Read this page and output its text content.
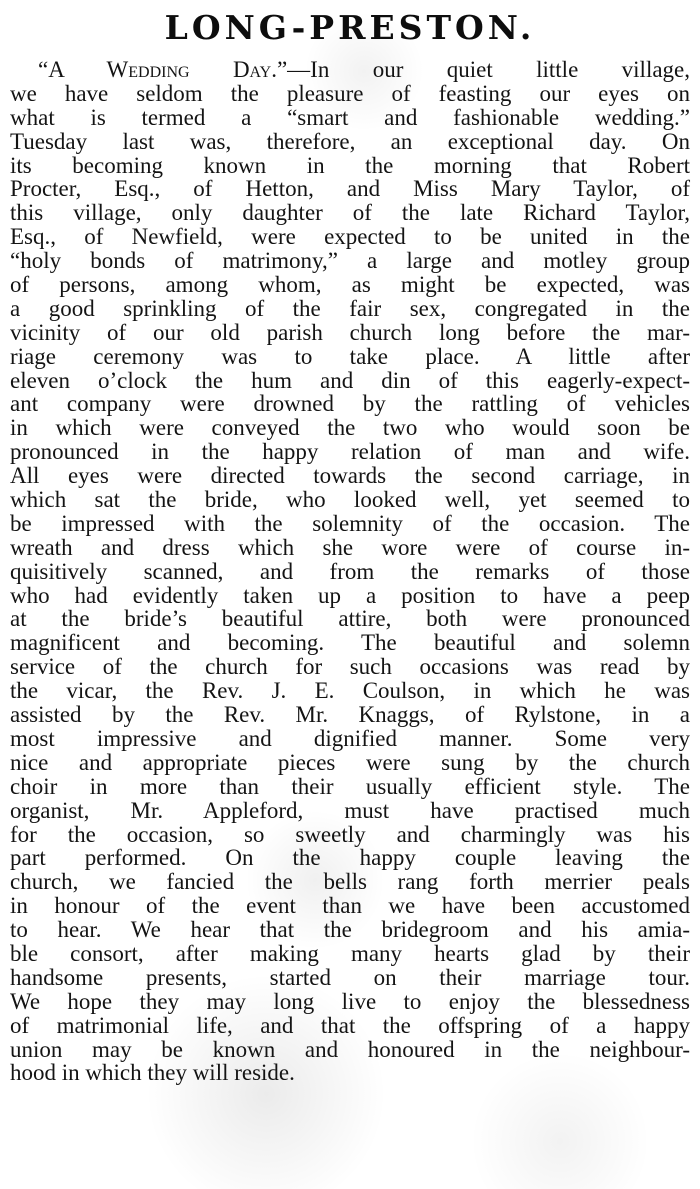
LONG-PRESTON.
“A Wedding Day.”—In our quiet little village,
we have seldom the pleasure of feasting our eyes on
what is termed a “smart and fashionable wedding.”
Tuesday last was, therefore, an exceptional day. On
its becoming known in the morning that Robert
Procter, Esq., of Hetton, and Miss Mary Taylor, of
this village, only daughter of the late Richard Taylor,
Esq., of Newfield, were expected to be united in the
“holy bonds of matrimony,” a large and motley group
of persons, among whom, as might be expected, was
a good sprinkling of the fair sex, congregated in the
vicinity of our old parish church long before the mar-
riage ceremony was to take place. A little after
eleven o’clock the hum and din of this eagerly-expect-
ant company were drowned by the rattling of vehicles
in which were conveyed the two who would soon be
pronounced in the happy relation of man and wife.
All eyes were directed towards the second carriage, in
which sat the bride, who looked well, yet seemed to
be impressed with the solemnity of the occasion. The
wreath and dress which she wore were of course in-
quisitively scanned, and from the remarks of those
who had evidently taken up a position to have a peep
at the bride’s beautiful attire, both were pronounced
magnificent and becoming. The beautiful and solemn
service of the church for such occasions was read by
the vicar, the Rev. J. E. Coulson, in which he was
assisted by the Rev. Mr. Knaggs, of Rylstone, in a
most impressive and dignified manner. Some very
nice and appropriate pieces were sung by the church
choir in more than their usually efficient style. The
organist, Mr. Appleford, must have practised much
for the occasion, so sweetly and charmingly was his
part performed. On the happy couple leaving the
church, we fancied the bells rang forth merrier peals
in honour of the event than we have been accustomed
to hear. We hear that the bridegroom and his amia-
ble consort, after making many hearts glad by their
handsome presents, started on their marriage tour.
We hope they may long live to enjoy the blessedness
of matrimonial life, and that the offspring of a happy
union may be known and honoured in the neighbour-
hood in which they will reside.
